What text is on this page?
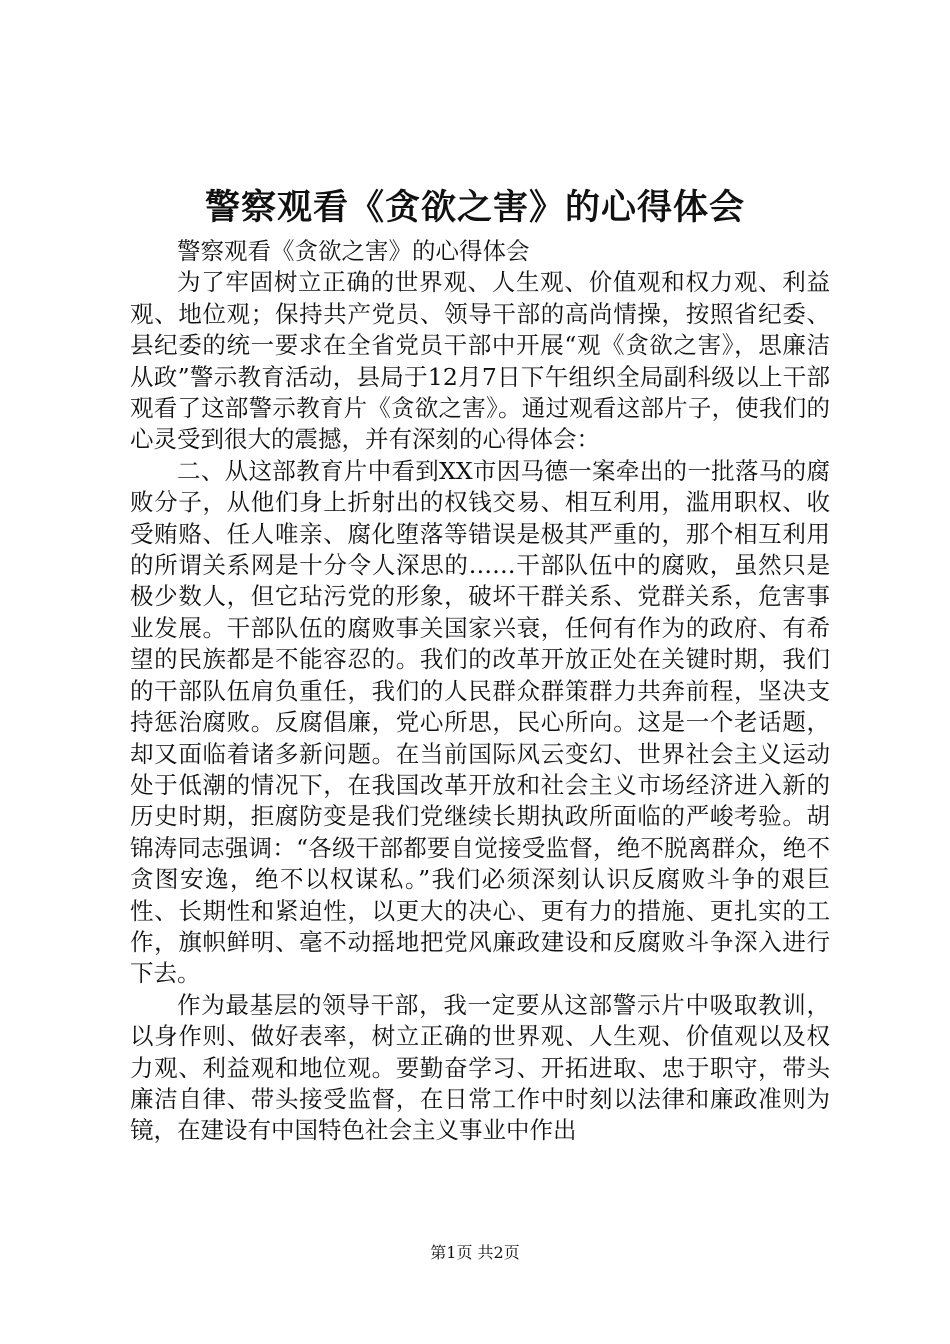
警察观看《贪欲之害》的心得体会

警察观看《贪欲之害》的心得体会

为了牢固树立正确的世界观、人生观、价值观和权力观、利益观、地位观；保持共产党员、领导干部的高尚情操，按照省纪委、县纪委的统一要求在全省党员干部中开展“观《贪欲之害》，思廉洁从政”警示教育活动，县局于12月7日下午组织全局副科级以上干部观看了这部警示教育片《贪欲之害》。通过观看这部片子，使我们的心灵受到很大的震撼，并有深刻的心得体会：

二、从这部教育片中看到XX市因马德一案牵出的一批落马的腐败分子，从他们身上折射出的权钱交易、相互利用，滥用职权、收受贿赂、任人唯亲、腐化堕落等错误是极其严重的，那个相互利用的所谓关系网是十分令人深思的……干部队伍中的腐败，虽然只是极少数人，但它玷污党的形象，破坏干群关系、党群关系，危害事业发展。干部队伍的腐败事关国家兴衰，任何有作为的政府、有希望的民族都是不能容忍的。我们的改革开放正处在关键时期，我们的干部队伍肩负重任，我们的人民群众群策群力共奔前程，坚决支持惩治腐败。反腐倡廉，党心所思，民心所向。这是一个老话题，却又面临着诸多新问题。在当前国际风云变幻、世界社会主义运动处于低潮的情况下，在我国改革开放和社会主义市场经济进入新的历史时期，拒腐防变是我们党继续长期执政所面临的严峻考验。胡锦涛同志强调：“各级干部都要自觉接受监督，绝不脱离群众，绝不贪图安逸，绝不以权谋私。”我们必须深刻认识反腐败斗争的艰巨性、长期性和紧迫性，以更大的决心、更有力的措施、更扎实的工作，旗帜鲜明、毫不动摇地把党风廉政建设和反腐败斗争深入进行下去。

作为最基层的领导干部，我一定要从这部警示片中吸取教训，以身作则、做好表率，树立正确的世界观、人生观、价值观以及权力观、利益观和地位观。要勤奋学习、开拓进取、忠于职守，带头廉洁自律、带头接受监督，在日常工作中时刻以法律和廉政准则为镜，在建设有中国特色社会主义事业中作出

第1页 共2页
